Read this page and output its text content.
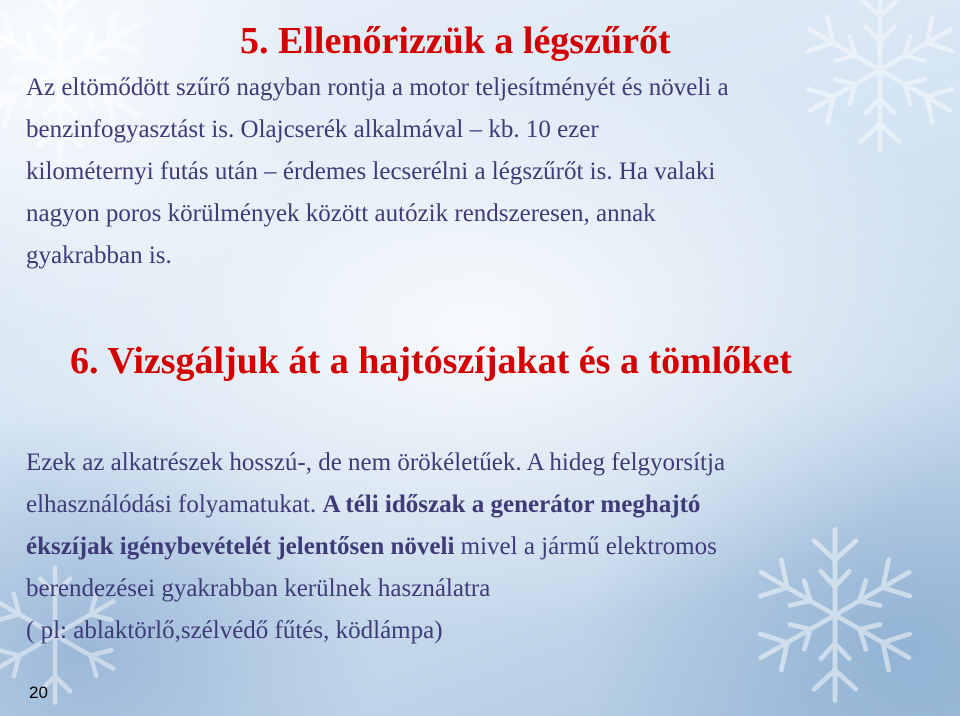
5. Ellenőrizzük a légszűrőt
Az eltömődött szűrő nagyban rontja a motor teljesítményét és növeli a
benzinfogyasztást is. Olajcserék alkalmával – kb. 10 ezer
kilométernyi futás után – érdemes lecserélni a légszűrőt is. Ha valaki
nagyon poros körülmények között autózik rendszeresen, annak
gyakrabban is.
6. Vizsgáljuk át a hajtószíjakat és a tömlőket
Ezek az alkatrészek hosszú-, de nem örökéletűek. A hideg felgyorsítja
elhasználódási folyamatukat. A téli időszak a generátor meghajtó
ékszíjak igénybevételét jelentősen növeli mivel a jármű elektromos
berendezései gyakrabban kerülnek használatra
( pl: ablaktörlő,szélvédő fűtés, ködlámpa)
20
